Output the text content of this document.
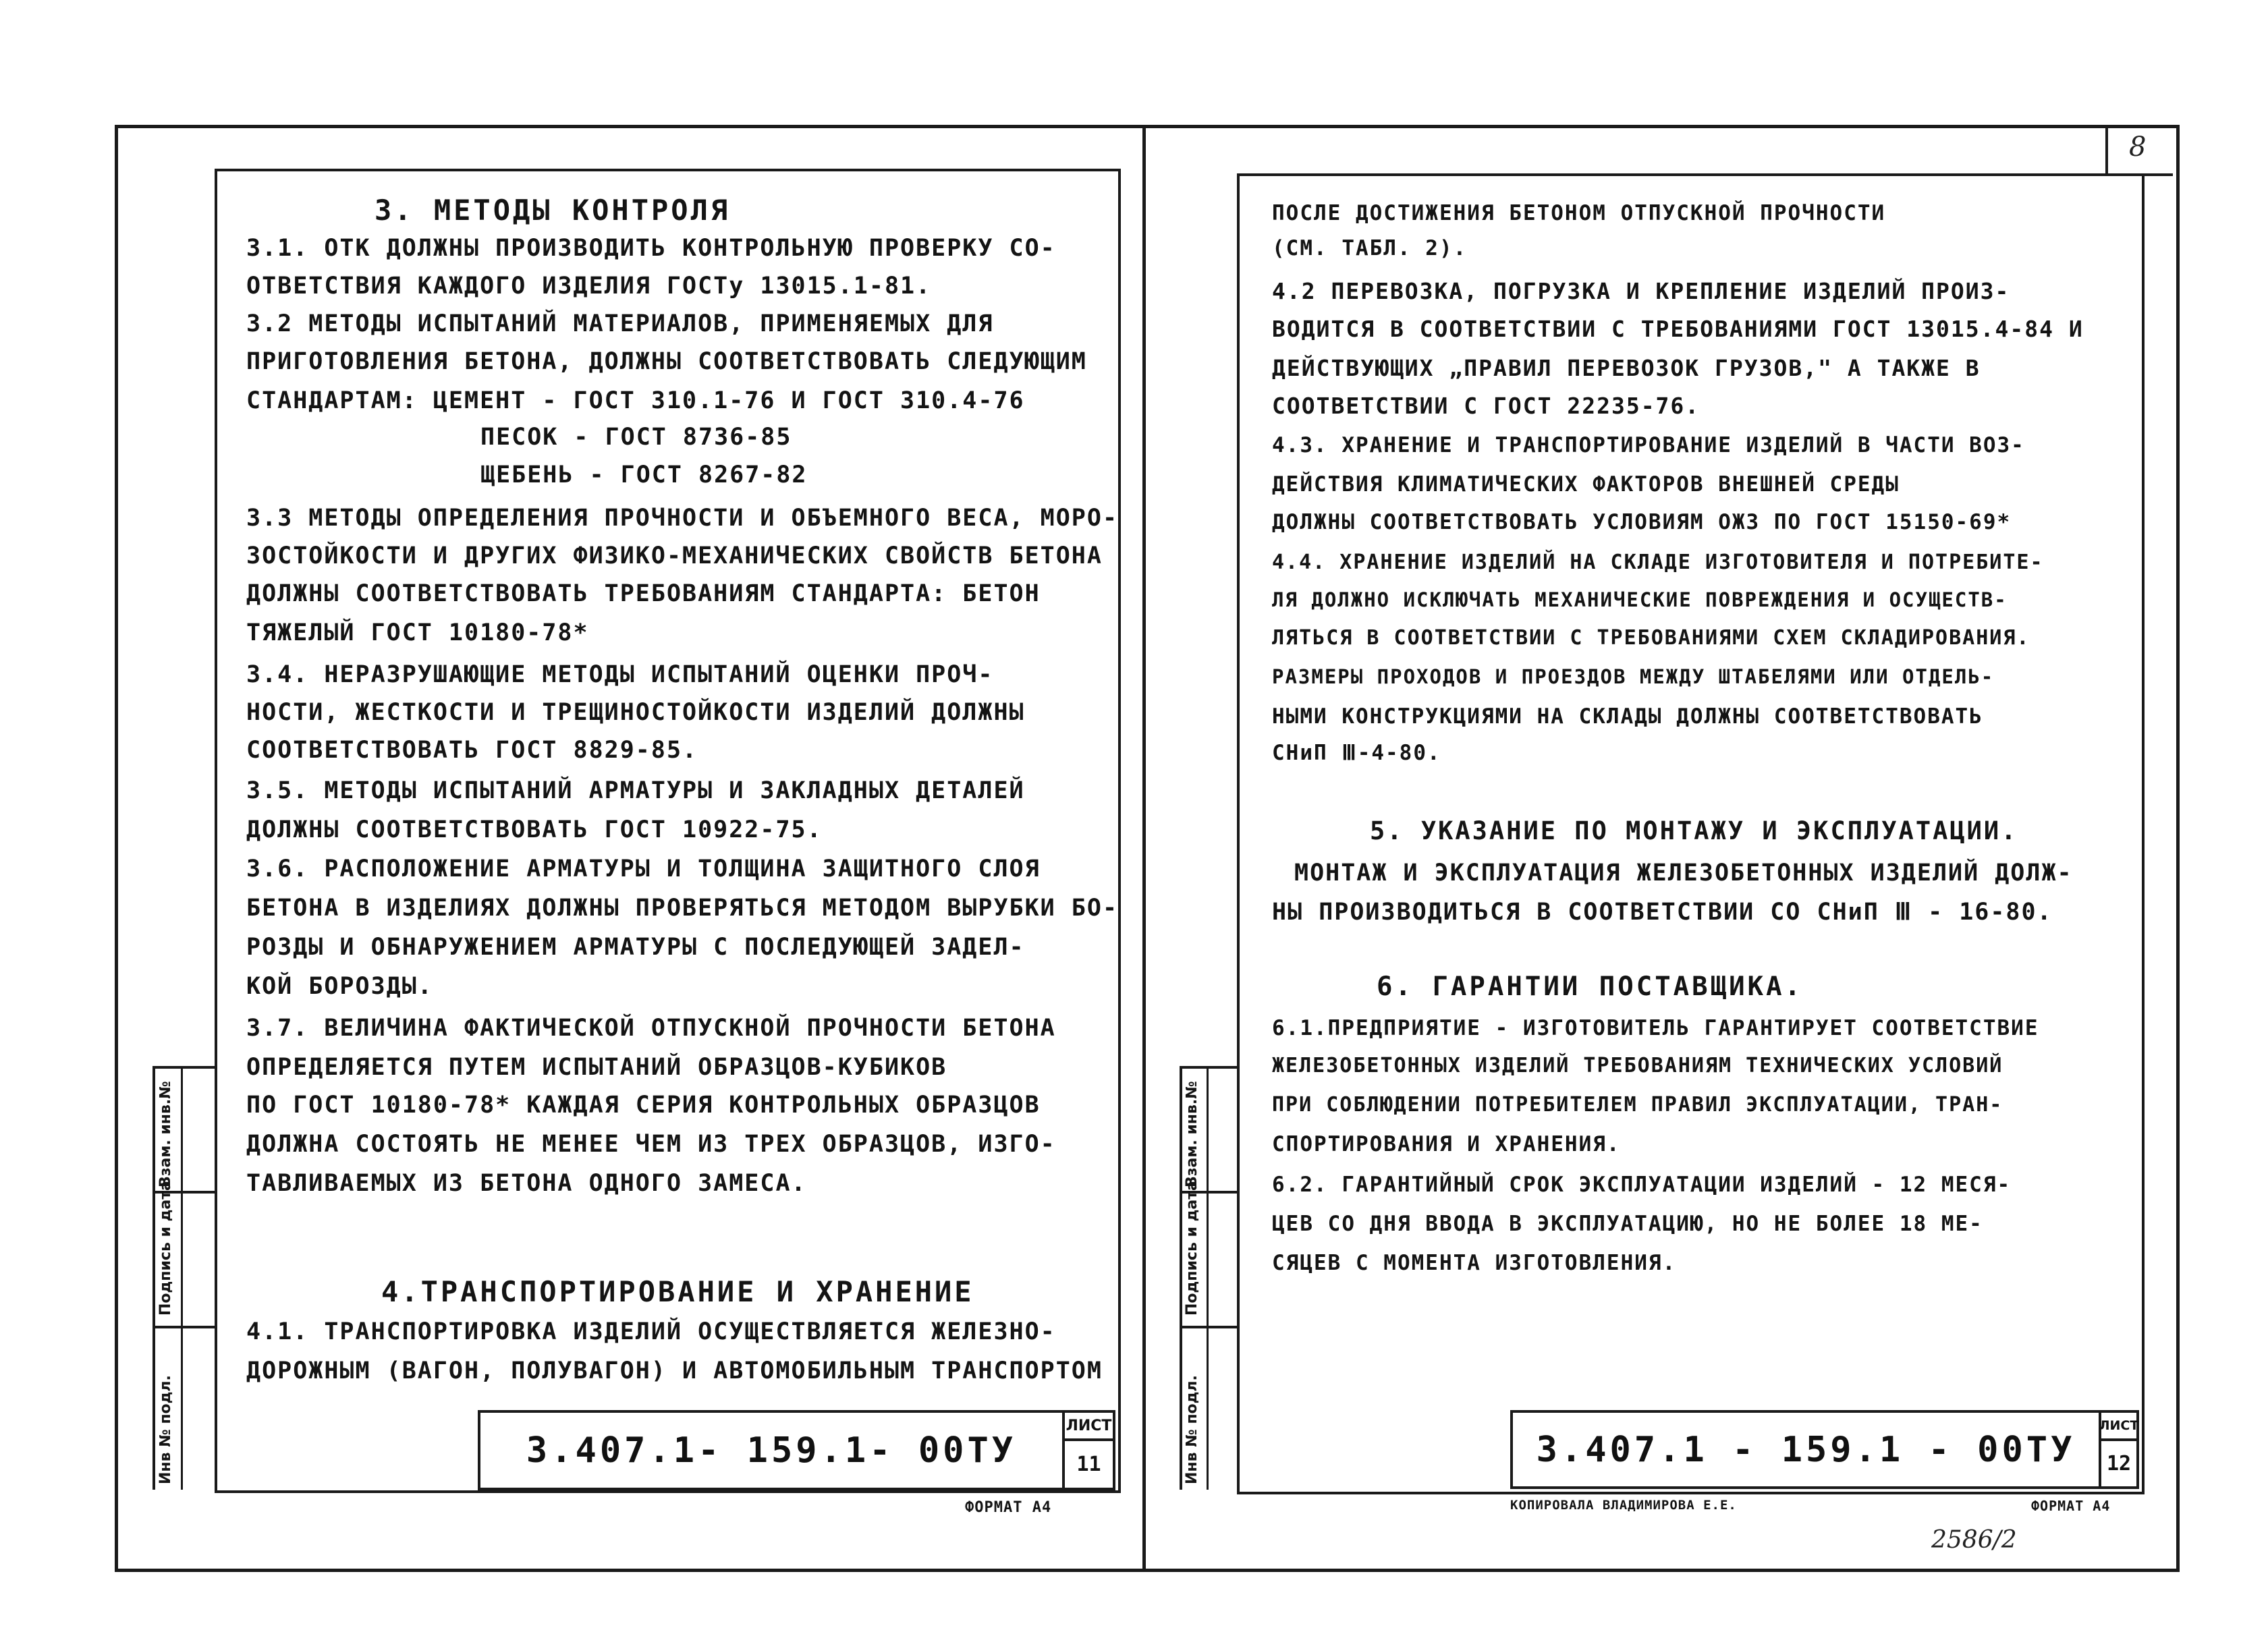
Взам. инв.№
Подпись и дата
Инв № подл.
3. МЕТОДЫ КОНТРОЛЯ
3.1. ОТК ДОЛЖНЫ ПРОИЗВОДИТЬ КОНТРОЛЬНУЮ ПРОВЕРКУ СО-
ОТВЕТСТВИЯ КАЖДОГО ИЗДЕЛИЯ ГОСТу 13015.1-81.
3.2 МЕТОДЫ ИСПЫТАНИЙ МАТЕРИАЛОВ, ПРИМЕНЯЕМЫХ ДЛЯ
ПРИГОТОВЛЕНИЯ БЕТОНА, ДОЛЖНЫ СООТВЕТСТВОВАТЬ СЛЕДУЮЩИМ
СТАНДАРТАМ: ЦЕМЕНТ - ГОСТ 310.1-76 И ГОСТ 310.4-76
ПЕСОК - ГОСТ 8736-85
ЩЕБЕНЬ - ГОСТ 8267-82
3.3 МЕТОДЫ ОПРЕДЕЛЕНИЯ ПРОЧНОСТИ И ОБЪЕМНОГО ВЕСА, МОРО-
ЗОСТОЙКОСТИ И ДРУГИХ ФИЗИКО-МЕХАНИЧЕСКИХ СВОЙСТВ БЕТОНА
ДОЛЖНЫ СООТВЕТСТВОВАТЬ ТРЕБОВАНИЯМ СТАНДАРТА: БЕТОН
ТЯЖЕЛЫЙ ГОСТ 10180-78*
3.4. НЕРАЗРУШАЮЩИЕ МЕТОДЫ ИСПЫТАНИЙ ОЦЕНКИ ПРОЧ-
НОСТИ, ЖЕСТКОСТИ И ТРЕЩИНОСТОЙКОСТИ ИЗДЕЛИЙ ДОЛЖНЫ
СООТВЕТСТВОВАТЬ ГОСТ 8829-85.
3.5. МЕТОДЫ ИСПЫТАНИЙ АРМАТУРЫ И ЗАКЛАДНЫХ ДЕТАЛЕЙ
ДОЛЖНЫ СООТВЕТСТВОВАТЬ ГОСТ 10922-75.
3.6. РАСПОЛОЖЕНИЕ АРМАТУРЫ И ТОЛЩИНА ЗАЩИТНОГО СЛОЯ
БЕТОНА В ИЗДЕЛИЯХ ДОЛЖНЫ ПРОВЕРЯТЬСЯ МЕТОДОМ ВЫРУБКИ БО-
РОЗДЫ И ОБНАРУЖЕНИЕМ АРМАТУРЫ С ПОСЛЕДУЮЩЕЙ ЗАДЕЛ-
КОЙ БОРОЗДЫ.
3.7. ВЕЛИЧИНА ФАКТИЧЕСКОЙ ОТПУСКНОЙ ПРОЧНОСТИ БЕТОНА
ОПРЕДЕЛЯЕТСЯ ПУТЕМ ИСПЫТАНИЙ ОБРАЗЦОВ-КУБИКОВ
ПО ГОСТ 10180-78* КАЖДАЯ СЕРИЯ КОНТРОЛЬНЫХ ОБРАЗЦОВ
ДОЛЖНА СОСТОЯТЬ НЕ МЕНЕЕ ЧЕМ ИЗ ТРЕХ ОБРАЗЦОВ, ИЗГО-
ТАВЛИВАЕМЫХ ИЗ БЕТОНА ОДНОГО ЗАМЕСА.
4.ТРАНСПОРТИРОВАНИЕ И ХРАНЕНИЕ
4.1. ТРАНСПОРТИРОВКА ИЗДЕЛИЙ ОСУЩЕСТВЛЯЕТСЯ ЖЕЛЕЗНО-
ДОРОЖНЫМ (ВАГОН, ПОЛУВАГОН) И АВТОМОБИЛЬНЫМ ТРАНСПОРТОМ
3.407.1- 159.1- 00ТУ
ЛИСТ
11
ФОРМАТ А4
8
Взам. инв.№
Подпись и дата
Инв № подл.
ПОСЛЕ ДОСТИЖЕНИЯ БЕТОНОМ ОТПУСКНОЙ ПРОЧНОСТИ
(СМ. ТАБЛ. 2).
4.2 ПЕРЕВОЗКА, ПОГРУЗКА И КРЕПЛЕНИЕ ИЗДЕЛИЙ ПРОИЗ-
ВОДИТСЯ В СООТВЕТСТВИИ С ТРЕБОВАНИЯМИ ГОСТ 13015.4-84 И
ДЕЙСТВУЮЩИХ „ПРАВИЛ ПЕРЕВОЗОК ГРУЗОВ," А ТАКЖЕ В
СООТВЕТСТВИИ С ГОСТ 22235-76.
4.3. ХРАНЕНИЕ И ТРАНСПОРТИРОВАНИЕ ИЗДЕЛИЙ В ЧАСТИ ВОЗ-
ДЕЙСТВИЯ КЛИМАТИЧЕСКИХ ФАКТОРОВ ВНЕШНЕЙ СРЕДЫ
ДОЛЖНЫ СООТВЕТСТВОВАТЬ УСЛОВИЯМ ОЖ3 ПО ГОСТ 15150-69*
4.4. ХРАНЕНИЕ ИЗДЕЛИЙ НА СКЛАДЕ ИЗГОТОВИТЕЛЯ И ПОТРЕБИТЕ-
ЛЯ ДОЛЖНО ИСКЛЮЧАТЬ МЕХАНИЧЕСКИЕ ПОВРЕЖДЕНИЯ И ОСУЩЕСТВ-
ЛЯТЬСЯ В СООТВЕТСТВИИ С ТРЕБОВАНИЯМИ СХЕМ СКЛАДИРОВАНИЯ.
РАЗМЕРЫ ПРОХОДОВ И ПРОЕЗДОВ МЕЖДУ ШТАБЕЛЯМИ ИЛИ ОТДЕЛЬ-
НЫМИ КОНСТРУКЦИЯМИ НА СКЛАДЫ ДОЛЖНЫ СООТВЕТСТВОВАТЬ
СНиП Ⅲ-4-80.
5. УКАЗАНИЕ ПО МОНТАЖУ И ЭКСПЛУАТАЦИИ.
МОНТАЖ И ЭКСПЛУАТАЦИЯ ЖЕЛЕЗОБЕТОННЫХ ИЗДЕЛИЙ ДОЛЖ-
НЫ ПРОИЗВОДИТЬСЯ В СООТВЕТСТВИИ СО СНиП Ⅲ - 16-80.
6. ГАРАНТИИ ПОСТАВЩИКА.
6.1.ПРЕДПРИЯТИЕ - ИЗГОТОВИТЕЛЬ ГАРАНТИРУЕТ СООТВЕТСТВИЕ
ЖЕЛЕЗОБЕТОННЫХ ИЗДЕЛИЙ ТРЕБОВАНИЯМ ТЕХНИЧЕСКИХ УСЛОВИЙ
ПРИ СОБЛЮДЕНИИ ПОТРЕБИТЕЛЕМ ПРАВИЛ ЭКСПЛУАТАЦИИ, ТРАН-
СПОРТИРОВАНИЯ И ХРАНЕНИЯ.
6.2. ГАРАНТИЙНЫЙ СРОК ЭКСПЛУАТАЦИИ ИЗДЕЛИЙ - 12 МЕСЯ-
ЦЕВ СО ДНЯ ВВОДА В ЭКСПЛУАТАЦИЮ, НО НЕ БОЛЕЕ 18 МЕ-
СЯЦЕВ С МОМЕНТА ИЗГОТОВЛЕНИЯ.
3.407.1 - 159.1 - 00ТУ
ЛИСТ
12
КОПИРОВАЛА ВЛАДИМИРОВА Е.Е.	ФОРМАТ А4
2586/2
